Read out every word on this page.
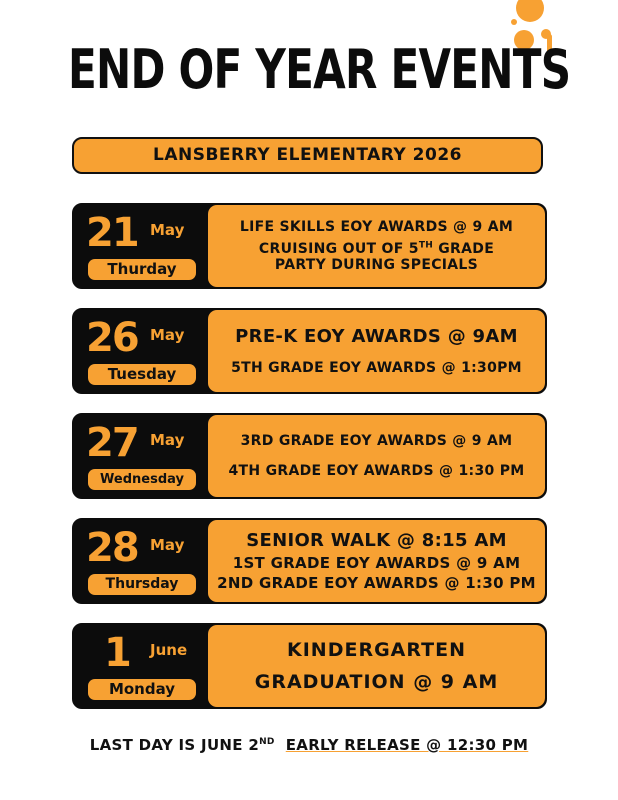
END OF YEAR EVENTS
LANSBERRY ELEMENTARY 2026
21 May
Thurday
LIFE SKILLS EOY AWARDS @ 9 AM
CRUISING OUT OF 5TH GRADE
PARTY DURING SPECIALS
26 May
Tuesday
PRE-K EOY AWARDS @ 9AM
5TH GRADE EOY AWARDS @ 1:30PM
27 May
Wednesday
3RD GRADE EOY AWARDS @ 9 AM
4TH GRADE EOY AWARDS @ 1:30 PM
28 May
Thursday
SENIOR WALK @ 8:15 AM
1ST GRADE EOY AWARDS @ 9 AM
2ND GRADE EOY AWARDS @ 1:30 PM
1 June
Monday
KINDERGARTEN
GRADUATION @ 9 AM
LAST DAY IS JUNE 2ND EARLY RELEASE @ 12:30 PM
